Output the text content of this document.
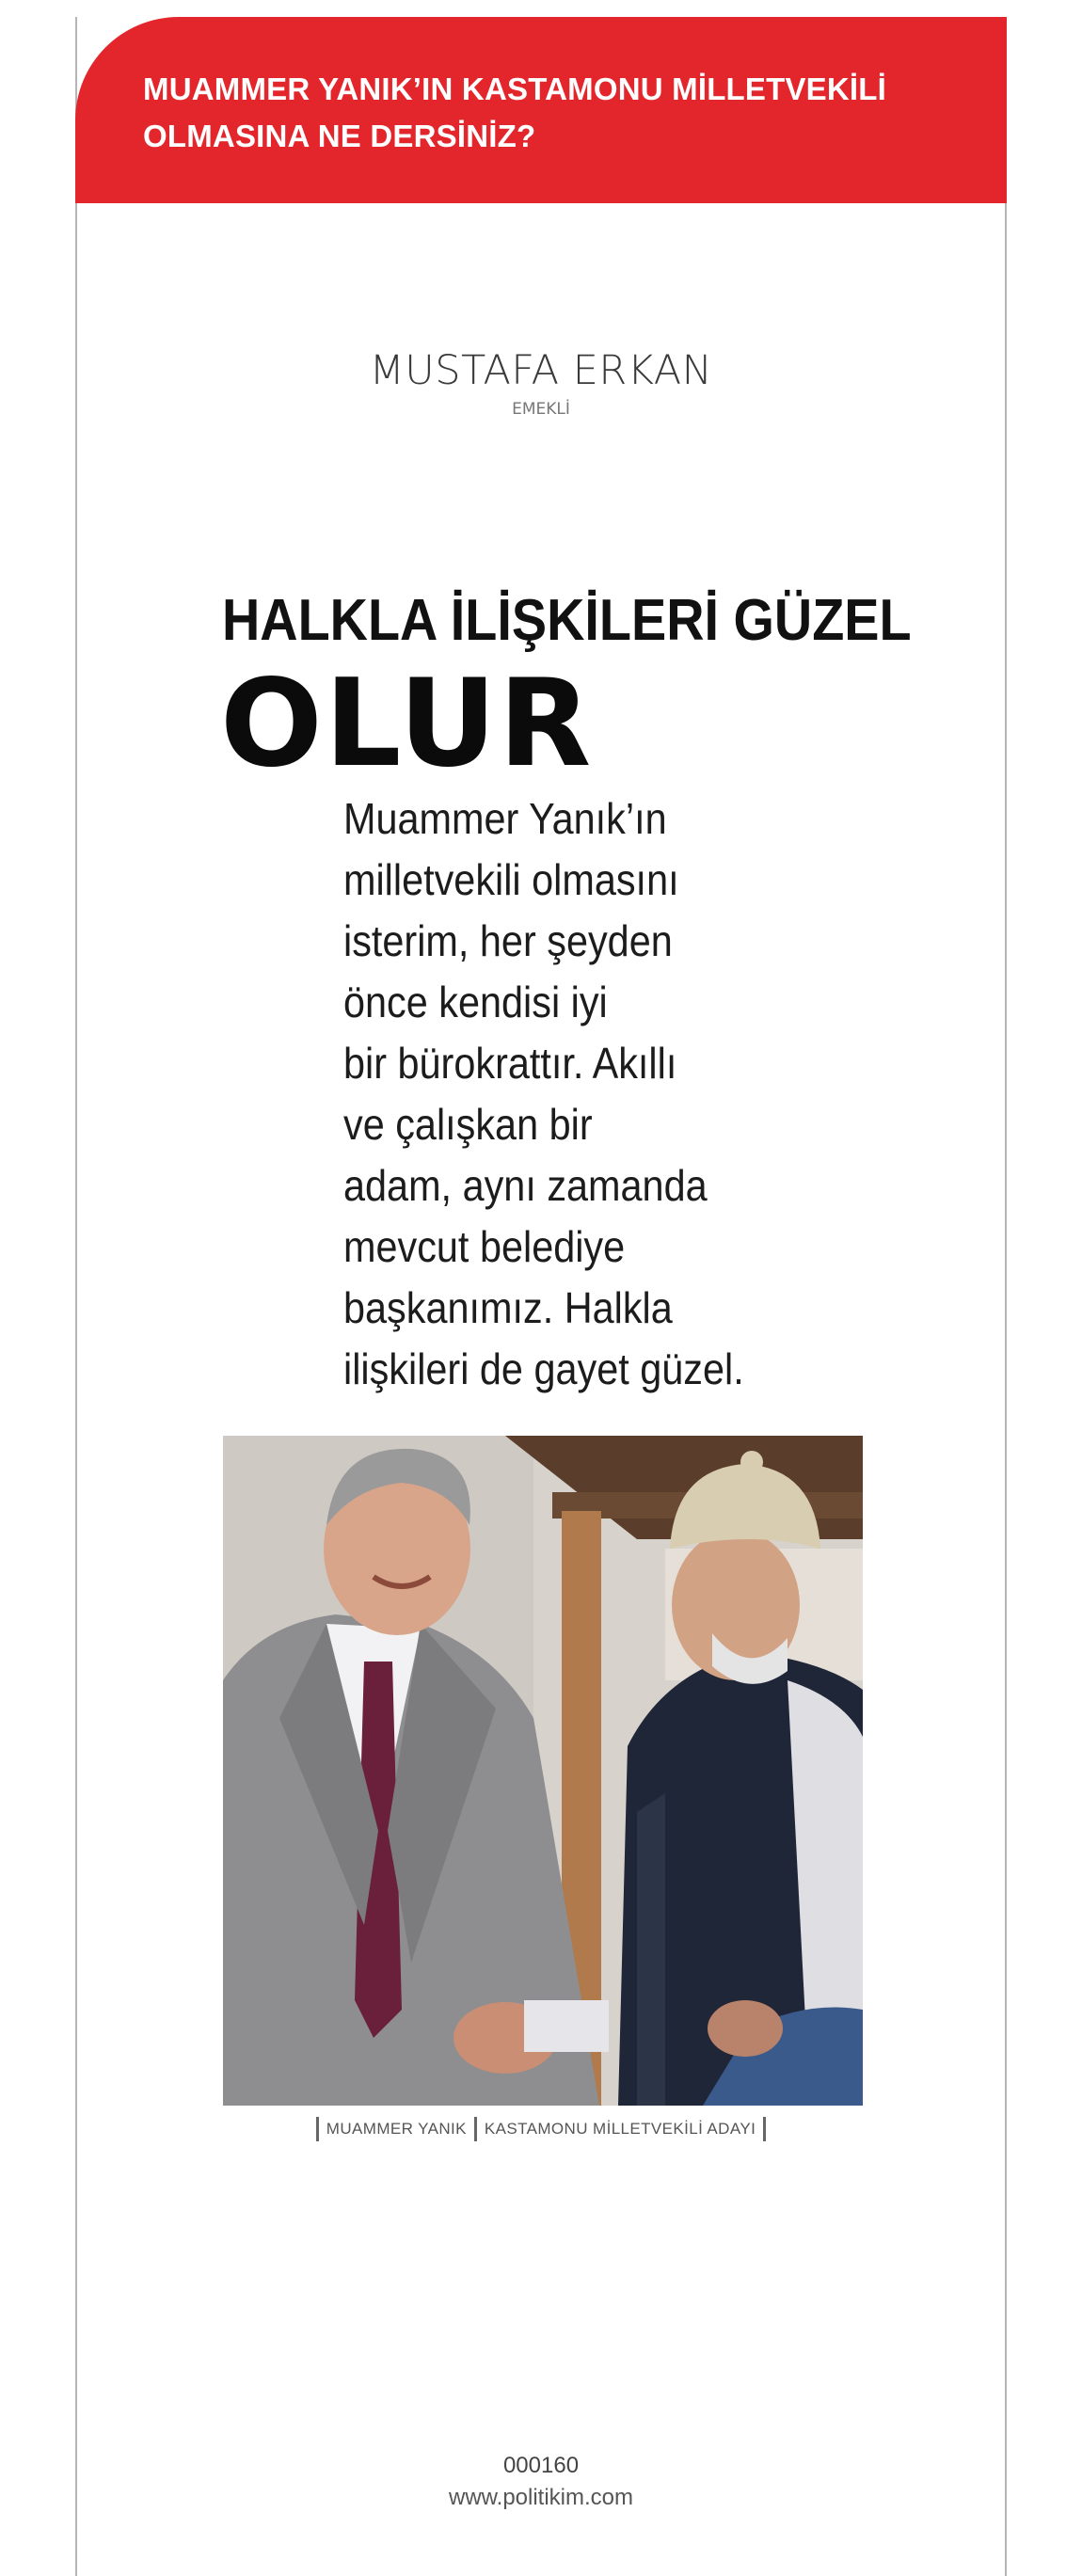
MUAMMER YANIK’IN KASTAMONU MİLLETVEKİLİ
OLMASINA NE DERSİNİZ?
MUSTAFA ERKAN
EMEKLİ
HALKLA İLİŞKİLERİ GÜZEL
OLUR
Muammer Yanık’ın
milletvekili olmasını
isterim, her şeyden
önce kendisi iyi
bir bürokrattır. Akıllı
ve çalışkan bir
adam, aynı zamanda
mevcut belediye
başkanımız. Halkla
ilişkileri de gayet güzel.
MUAMMER YANIK KASTAMONU MİLLETVEKİLİ ADAYI
000160
www.politikim.com
